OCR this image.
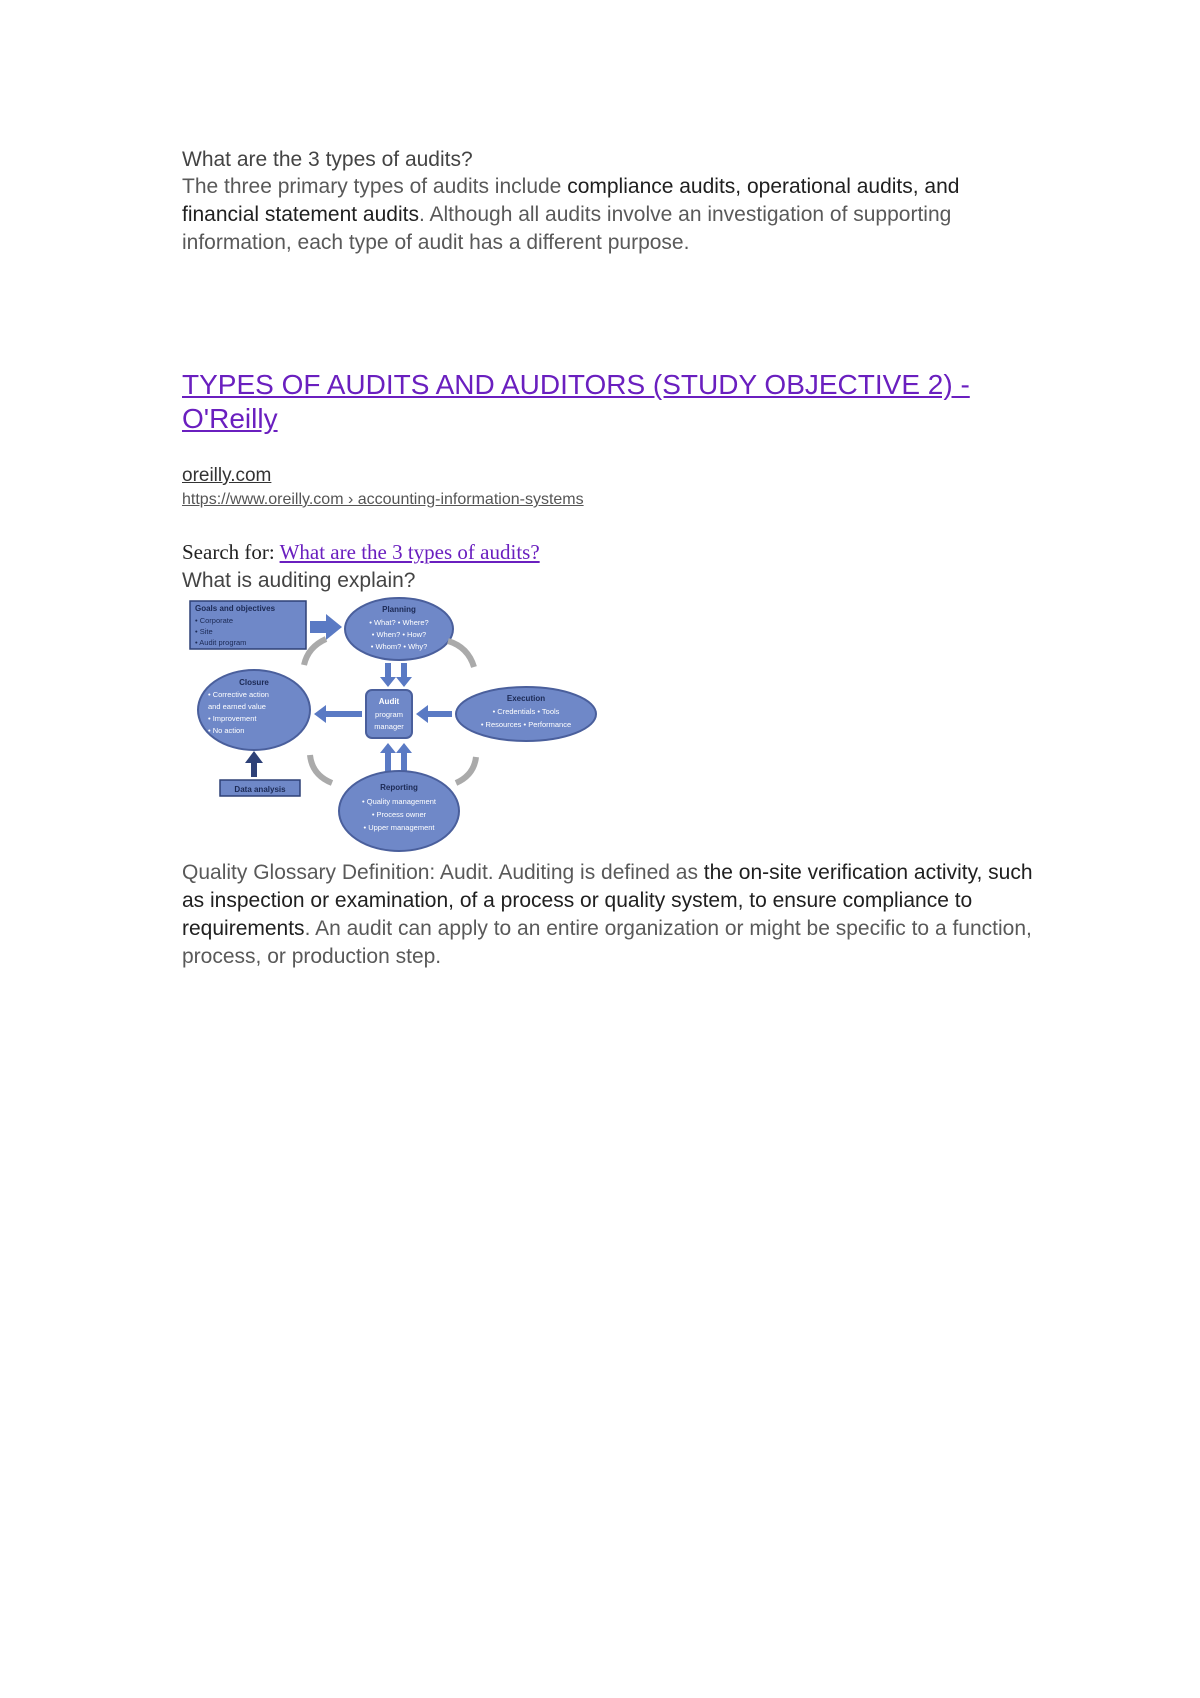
What are the 3 types of audits?
The three primary types of audits include compliance audits, operational audits, and financial statement audits. Although all audits involve an investigation of supporting information, each type of audit has a different purpose.
TYPES OF AUDITS AND AUDITORS (STUDY OBJECTIVE 2) - O'Reilly
oreilly.com
https://www.oreilly.com › accounting-information-systems
Search for: What are the 3 types of audits?
What is auditing explain?
Goals and objectives
• Corporate
• Site
• Audit program
Planning
• What? • Where?
• When? • How?
• Whom? • Why?
Audit
program
manager
Closure
• Corrective action
and earned value
• Improvement
• No action
Execution
• Credentials • Tools
• Resources • Performance
Reporting
• Quality management
• Process owner
• Upper management
Data analysis
Quality Glossary Definition: Audit. Auditing is defined as the on-site verification activity, such as inspection or examination, of a process or quality system, to ensure compliance to requirements. An audit can apply to an entire organization or might be specific to a function, process, or production step.
